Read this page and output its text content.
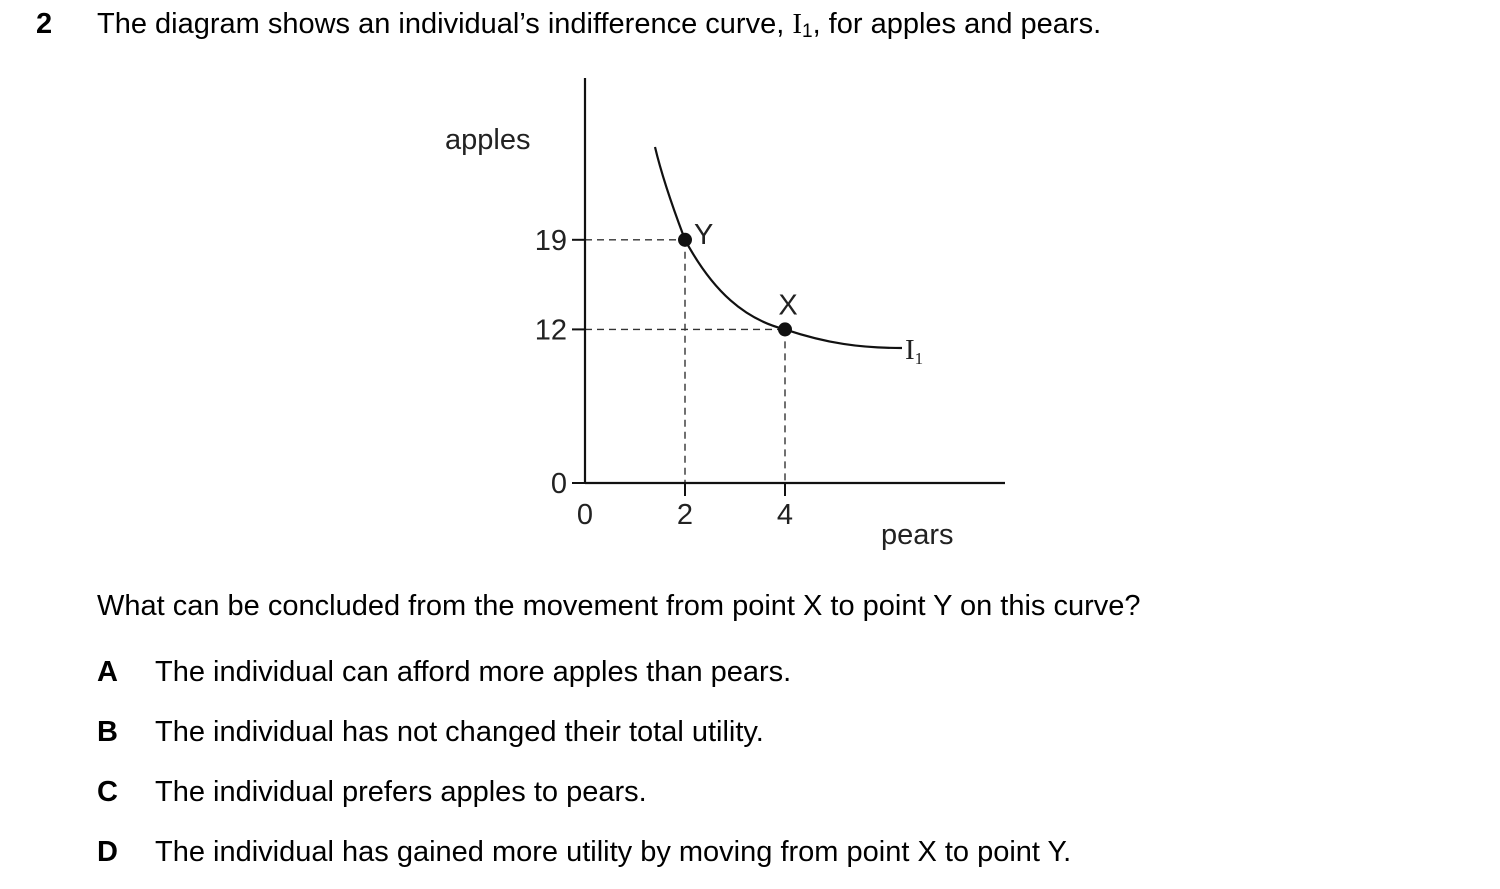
2 The diagram shows an individual’s indifference curve, $I_1$, for apples and pears.
apples
pears
0
12
19
0	2	4
Y
X
I1
What can be concluded from the movement from point X to point Y on this curve?
A The individual can afford more apples than pears.
B The individual has not changed their total utility.
C The individual prefers apples to pears.
D The individual has gained more utility by moving from point X to point Y.
